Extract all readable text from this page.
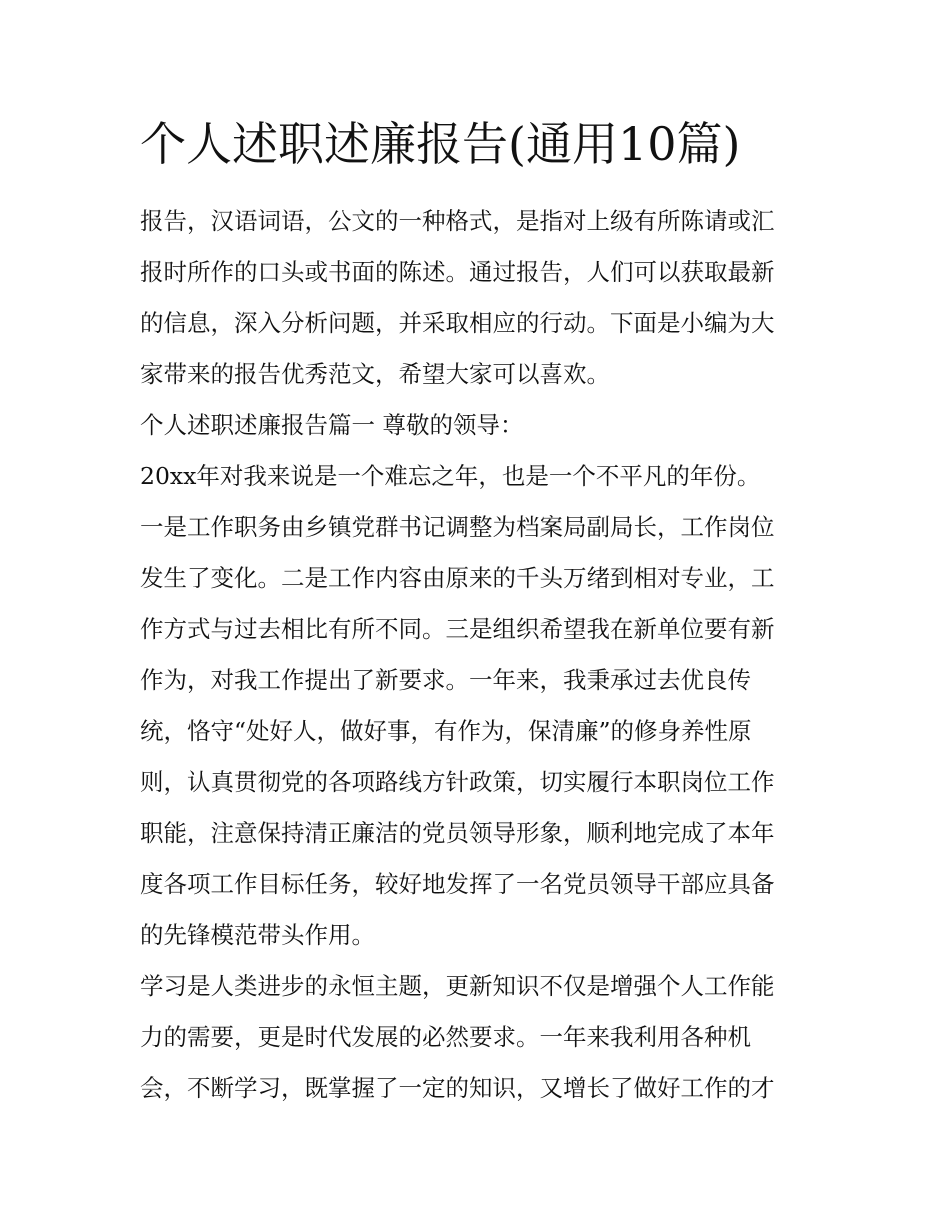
个人述职述廉报告(通用10篇)
报告，汉语词语，公文的一种格式，是指对上级有所陈请或汇
报时所作的口头或书面的陈述。通过报告，人们可以获取最新
的信息，深入分析问题，并采取相应的行动。下面是小编为大
家带来的报告优秀范文，希望大家可以喜欢。
个人述职述廉报告篇一 尊敬的领导：
20xx年对我来说是一个难忘之年，也是一个不平凡的年份。
一是工作职务由乡镇党群书记调整为档案局副局长，工作岗位
发生了变化。二是工作内容由原来的千头万绪到相对专业，工
作方式与过去相比有所不同。三是组织希望我在新单位要有新
作为，对我工作提出了新要求。一年来，我秉承过去优良传
统，恪守“处好人，做好事，有作为，保清廉”的修身养性原
则，认真贯彻党的各项路线方针政策，切实履行本职岗位工作
职能，注意保持清正廉洁的党员领导形象，顺利地完成了本年
度各项工作目标任务，较好地发挥了一名党员领导干部应具备
的先锋模范带头作用。
学习是人类进步的永恒主题，更新知识不仅是增强个人工作能
力的需要，更是时代发展的必然要求。一年来我利用各种机
会，不断学习，既掌握了一定的知识，又增长了做好工作的才
